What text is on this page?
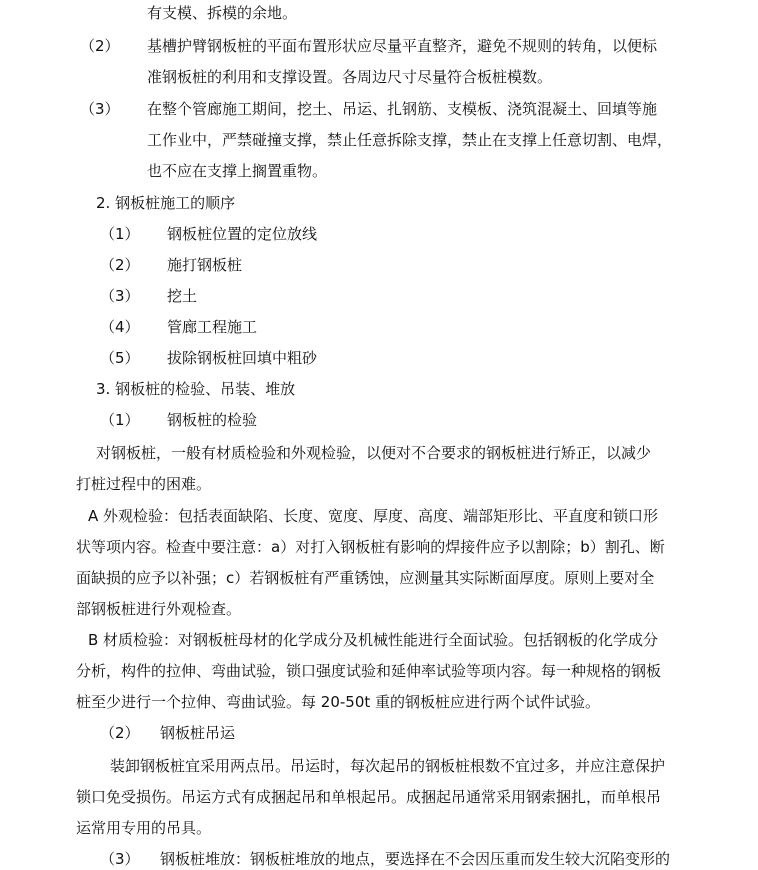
有支模、拆模的余地。
（2） 基槽护臂钢板桩的平面布置形状应尽量平直整齐，避免不规则的转角，以便标
准钢板桩的利用和支撑设置。各周边尺寸尽量符合板桩模数。
（3） 在整个管廊施工期间，挖土、吊运、扎钢筋、支模板、浇筑混凝土、回填等施
工作业中，严禁碰撞支撑，禁止任意拆除支撑，禁止在支撑上任意切割、电焊，
也不应在支撑上搁置重物。
2. 钢板桩施工的顺序
（1） 钢板桩位置的定位放线
（2） 施打钢板桩
（3） 挖土
（4） 管廊工程施工
（5） 拔除钢板桩回填中粗砂
3. 钢板桩的检验、吊装、堆放
（1） 钢板桩的检验
对钢板桩，一般有材质检验和外观检验，以便对不合要求的钢板桩进行矫正，以减少
打桩过程中的困难。
A 外观检验：包括表面缺陷、长度、宽度、厚度、高度、端部矩形比、平直度和锁口形
状等项内容。检查中要注意：a）对打入钢板桩有影响的焊接件应予以割除；b）割孔、断
面缺损的应予以补强；c）若钢板桩有严重锈蚀，应测量其实际断面厚度。原则上要对全
部钢板桩进行外观检查。
B 材质检验：对钢板桩母材的化学成分及机械性能进行全面试验。包括钢板的化学成分
分析，构件的拉伸、弯曲试验，锁口强度试验和延伸率试验等项内容。每一种规格的钢板
桩至少进行一个拉伸、弯曲试验。每 20-50t 重的钢板桩应进行两个试件试验。
（2） 钢板桩吊运
装卸钢板桩宜采用两点吊。吊运时，每次起吊的钢板桩根数不宜过多，并应注意保护
锁口免受损伤。吊运方式有成捆起吊和单根起吊。成捆起吊通常采用钢索捆扎，而单根吊
运常用专用的吊具。
（3） 钢板桩堆放：钢板桩堆放的地点，要选择在不会因压重而发生较大沉陷变形的
